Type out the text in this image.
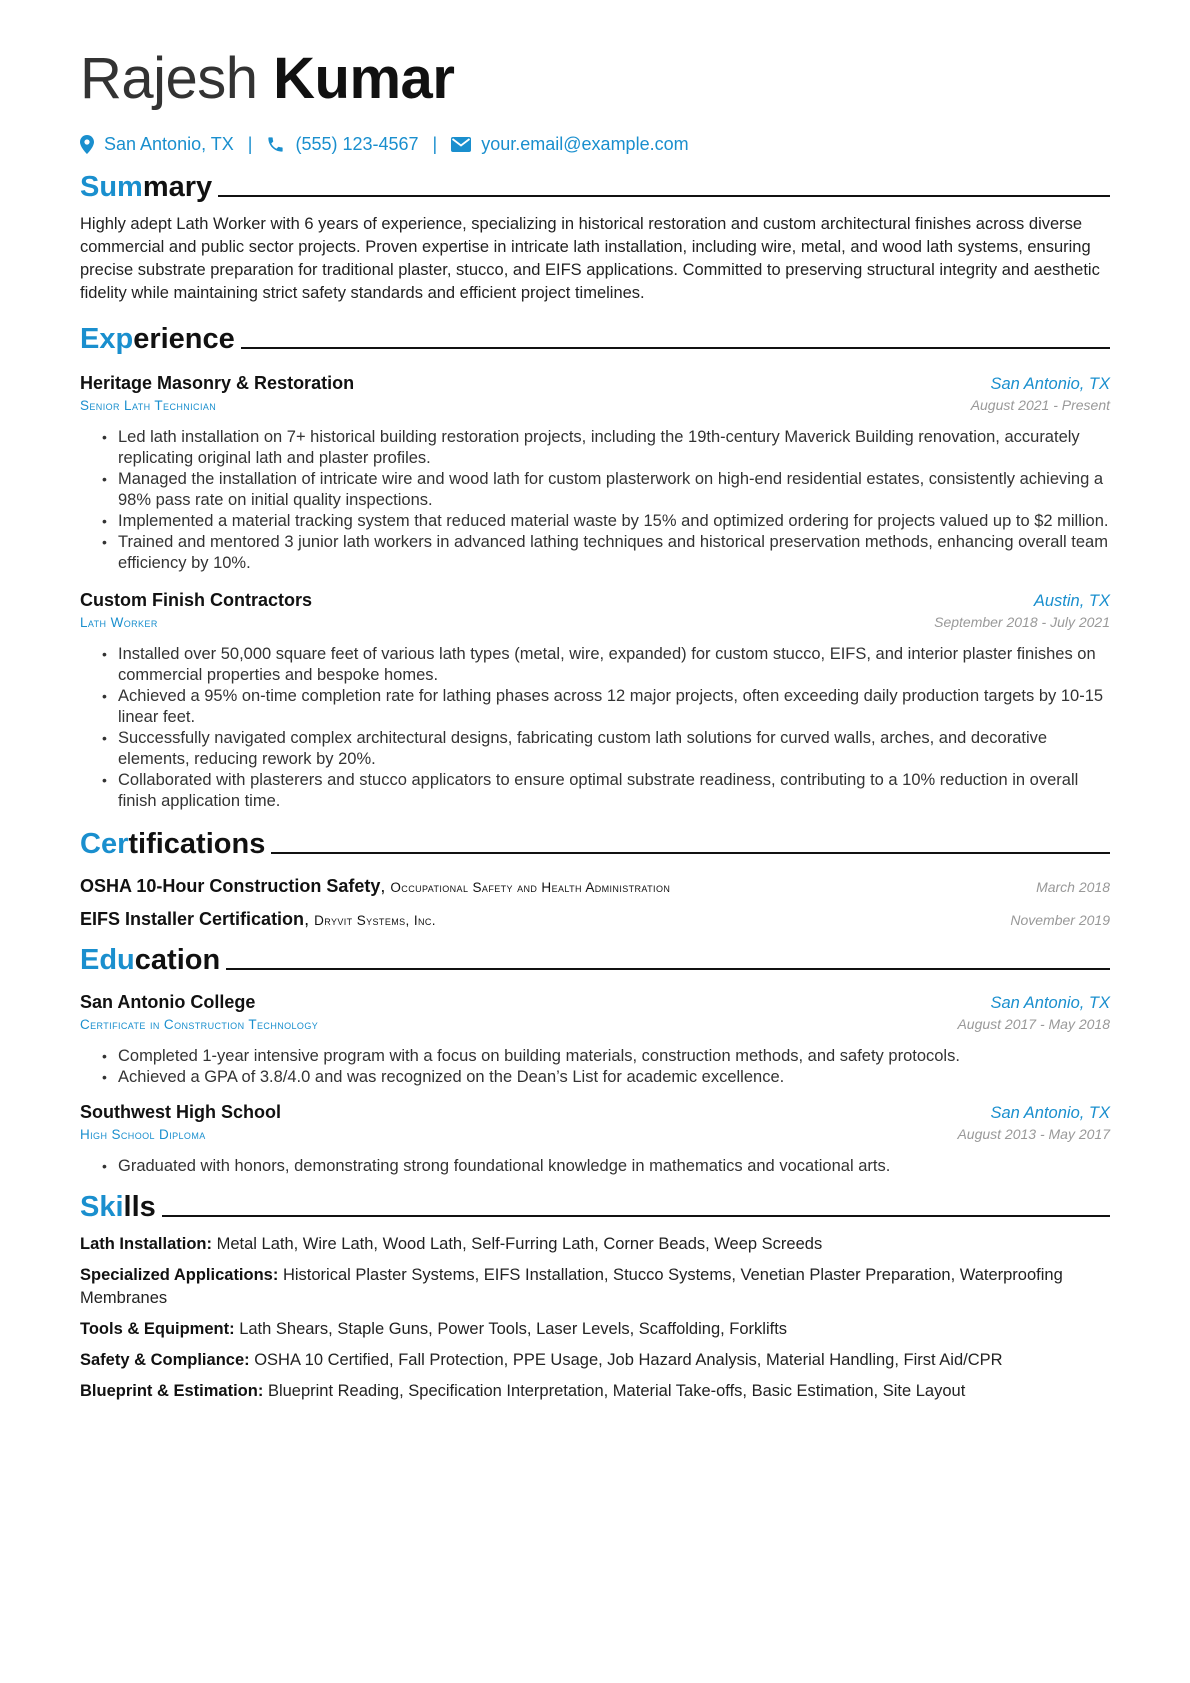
Rajesh Kumar
San Antonio, TX | (555) 123-4567 | your.email@example.com
Summary

Highly adept Lath Worker with 6 years of experience, specializing in historical restoration and custom architectural finishes across diverse commercial and public sector projects. Proven expertise in intricate lath installation, including wire, metal, and wood lath systems, ensuring precise substrate preparation for traditional plaster, stucco, and EIFS applications. Committed to preserving structural integrity and aesthetic fidelity while maintaining strict safety standards and efficient project timelines.

Experience
Heritage Masonry & Restoration	San Antonio, TX
Senior Lath Technician	August 2021 - Present
• Led lath installation on 7+ historical building restoration projects, including the 19th-century Maverick Building renovation, accurately replicating original lath and plaster profiles.
• Managed the installation of intricate wire and wood lath for custom plasterwork on high-end residential estates, consistently achieving a 98% pass rate on initial quality inspections.
• Implemented a material tracking system that reduced material waste by 15% and optimized ordering for projects valued up to $2 million.
• Trained and mentored 3 junior lath workers in advanced lathing techniques and historical preservation methods, enhancing overall team efficiency by 10%.
Custom Finish Contractors	Austin, TX
Lath Worker	September 2018 - July 2021
• Installed over 50,000 square feet of various lath types (metal, wire, expanded) for custom stucco, EIFS, and interior plaster finishes on commercial properties and bespoke homes.
• Achieved a 95% on-time completion rate for lathing phases across 12 major projects, often exceeding daily production targets by 10-15 linear feet.
• Successfully navigated complex architectural designs, fabricating custom lath solutions for curved walls, arches, and decorative elements, reducing rework by 20%.
• Collaborated with plasterers and stucco applicators to ensure optimal substrate readiness, contributing to a 10% reduction in overall finish application time.
Certifications
OSHA 10-Hour Construction Safety, Occupational Safety and Health Administration	March 2018
EIFS Installer Certification, Dryvit Systems, Inc.	November 2019
Education
San Antonio College	San Antonio, TX
Certificate in Construction Technology	August 2017 - May 2018
• Completed 1-year intensive program with a focus on building materials, construction methods, and safety protocols.
• Achieved a GPA of 3.8/4.0 and was recognized on the Dean’s List for academic excellence.
Southwest High School	San Antonio, TX
High School Diploma	August 2013 - May 2017
• Graduated with honors, demonstrating strong foundational knowledge in mathematics and vocational arts.
Skills

Lath Installation: Metal Lath, Wire Lath, Wood Lath, Self-Furring Lath, Corner Beads, Weep Screeds

Specialized Applications: Historical Plaster Systems, EIFS Installation, Stucco Systems, Venetian Plaster Preparation, Waterproofing Membranes

Tools & Equipment: Lath Shears, Staple Guns, Power Tools, Laser Levels, Scaffolding, Forklifts

Safety & Compliance: OSHA 10 Certified, Fall Protection, PPE Usage, Job Hazard Analysis, Material Handling, First Aid/CPR

Blueprint & Estimation: Blueprint Reading, Specification Interpretation, Material Take-offs, Basic Estimation, Site Layout
